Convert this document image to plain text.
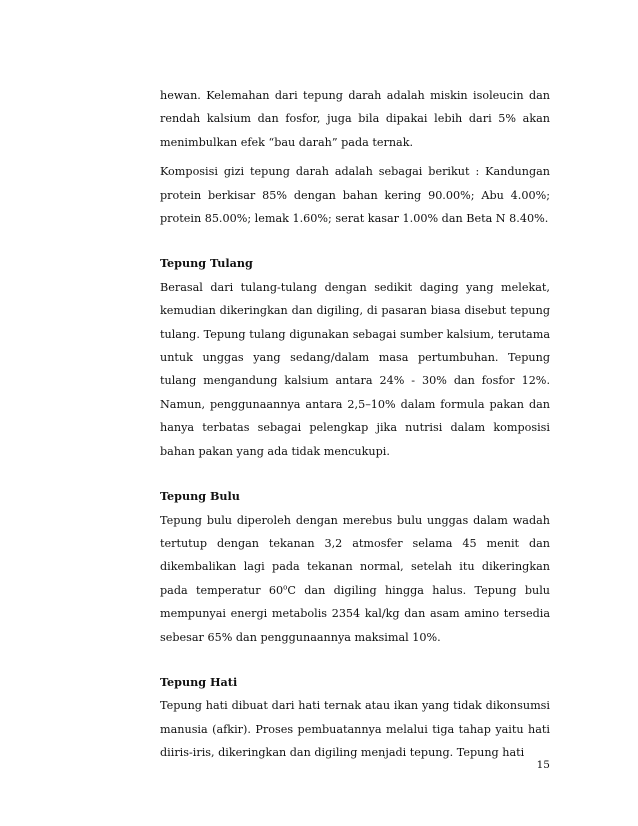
hewan. Kelemahan dari tepung darah adalah miskin isoleucin dan rendah kalsium dan fosfor, juga bila dipakai lebih dari 5% akan menimbulkan efek “bau darah” pada ternak.

Komposisi gizi tepung darah adalah sebagai berikut : Kandungan protein berkisar 85% dengan bahan kering 90.00%; Abu 4.00%; protein 85.00%; lemak 1.60%; serat kasar 1.00% dan Beta N 8.40%.

Tepung Tulang

Berasal dari tulang-tulang dengan sedikit daging yang melekat, kemudian dikeringkan dan digiling, di pasaran biasa disebut tepung tulang. Tepung tulang digunakan sebagai sumber kalsium, terutama untuk unggas yang sedang/dalam masa pertumbuhan. Tepung tulang mengandung kalsium antara 24% - 30% dan fosfor 12%. Namun, penggunaannya antara 2,5–10% dalam formula pakan dan hanya terbatas sebagai pelengkap jika nutrisi dalam komposisi bahan pakan yang ada tidak mencukupi.

Tepung Bulu

Tepung bulu diperoleh dengan merebus bulu unggas dalam wadah tertutup dengan tekanan 3,2 atmosfer selama 45 menit dan dikembalikan lagi pada tekanan normal, setelah itu dikeringkan pada temperatur 60$^o$C dan digiling hingga halus. Tepung bulu mempunyai energi metabolis 2354 kal/kg dan asam amino tersedia sebesar 65% dan penggunaannya maksimal 10%.

Tepung Hati

Tepung hati dibuat dari hati ternak atau ikan yang tidak dikonsumsi manusia (afkir). Proses pembuatannya melalui tiga tahap yaitu hati diiris-iris, dikeringkan dan digiling menjadi tepung. Tepung hati

15
